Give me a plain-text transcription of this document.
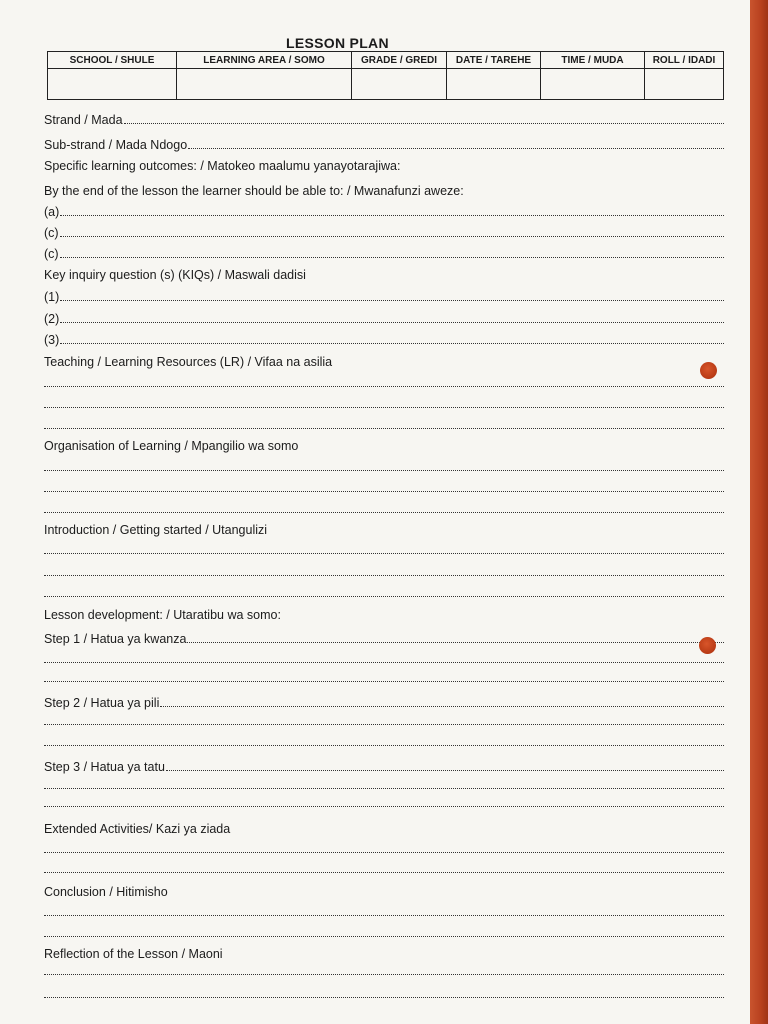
LESSON PLAN
SCHOOL / SHULE	LEARNING AREA / SOMO	GRADE / GREDI	DATE / TAREHE	TIME / MUDA	ROLL / IDADI

Strand / Mada
Sub-strand / Mada Ndogo
Specific learning outcomes: / Matokeo maalumu yanayotarajiwa:
By the end of the lesson the learner should be able to: / Mwanafunzi aweze:
(a)
(c)
(c)
Key inquiry question (s) (KIQs) / Maswali dadisi
(1)
(2)
(3)
Teaching / Learning Resources (LR) / Vifaa na asilia
Organisation of Learning / Mpangilio wa somo
Introduction / Getting started / Utangulizi
Lesson development: / Utaratibu wa somo:
Step 1 / Hatua ya kwanza
Step 2 / Hatua ya pili
Step 3 / Hatua ya tatu
Extended Activities/ Kazi ya ziada
Conclusion / Hitimisho
Reflection of the Lesson / Maoni
